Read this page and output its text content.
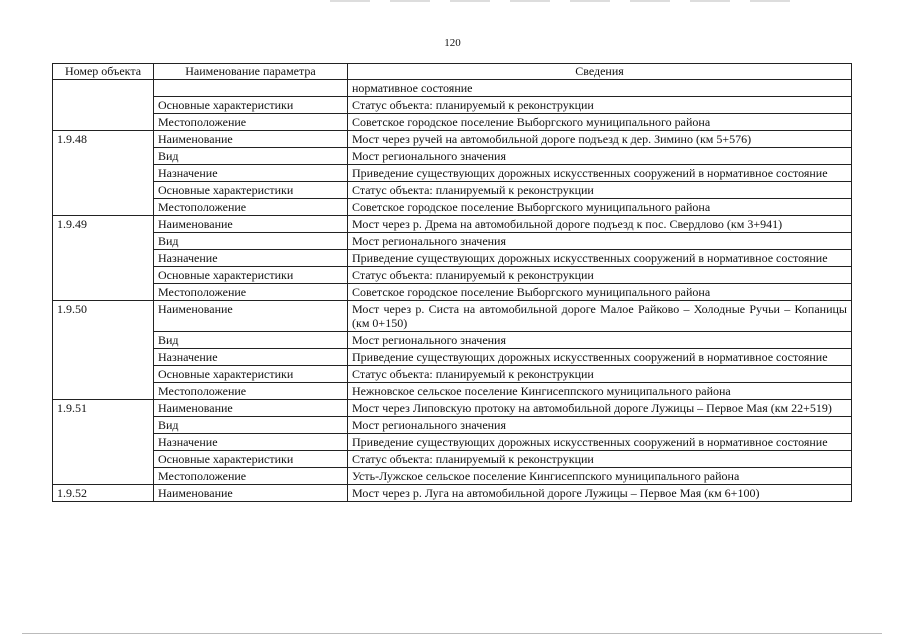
120
Номер объекта	Наименование параметра	Сведения
		нормативное состояние
	Основные характеристики	Статус объекта: планируемый к реконструкции
	Местоположение	Советское городское поселение Выборгского муниципального района
1.9.48	Наименование	Мост через ручей на автомобильной дороге подъезд к дер. Зимино (км 5+576)
	Вид	Мост регионального значения
	Назначение	Приведение существующих дорожных искусственных сооружений в нормативное состояние
	Основные характеристики	Статус объекта: планируемый к реконструкции
	Местоположение	Советское городское поселение Выборгского муниципального района
1.9.49	Наименование	Мост через р. Дрема на автомобильной дороге подъезд к пос. Свердлово (км 3+941)
	Вид	Мост регионального значения
	Назначение	Приведение существующих дорожных искусственных сооружений в нормативное состояние
	Основные характеристики	Статус объекта: планируемый к реконструкции
	Местоположение	Советское городское поселение Выборгского муниципального района
1.9.50	Наименование	Мост через р. Систа на автомобильной дороге Малое Райково – Холодные Ручьи – Копаницы (км 0+150)
	Вид	Мост регионального значения
	Назначение	Приведение существующих дорожных искусственных сооружений в нормативное состояние
	Основные характеристики	Статус объекта: планируемый к реконструкции
	Местоположение	Нежновское сельское поселение Кингисеппского муниципального района
1.9.51	Наименование	Мост через Липовскую протоку на автомобильной дороге Лужицы – Первое Мая (км 22+519)
	Вид	Мост регионального значения
	Назначение	Приведение существующих дорожных искусственных сооружений в нормативное состояние
	Основные характеристики	Статус объекта: планируемый к реконструкции
	Местоположение	Усть-Лужское сельское поселение Кингисеппского муниципального района
1.9.52	Наименование	Мост через р. Луга на автомобильной дороге Лужицы – Первое Мая (км 6+100)
